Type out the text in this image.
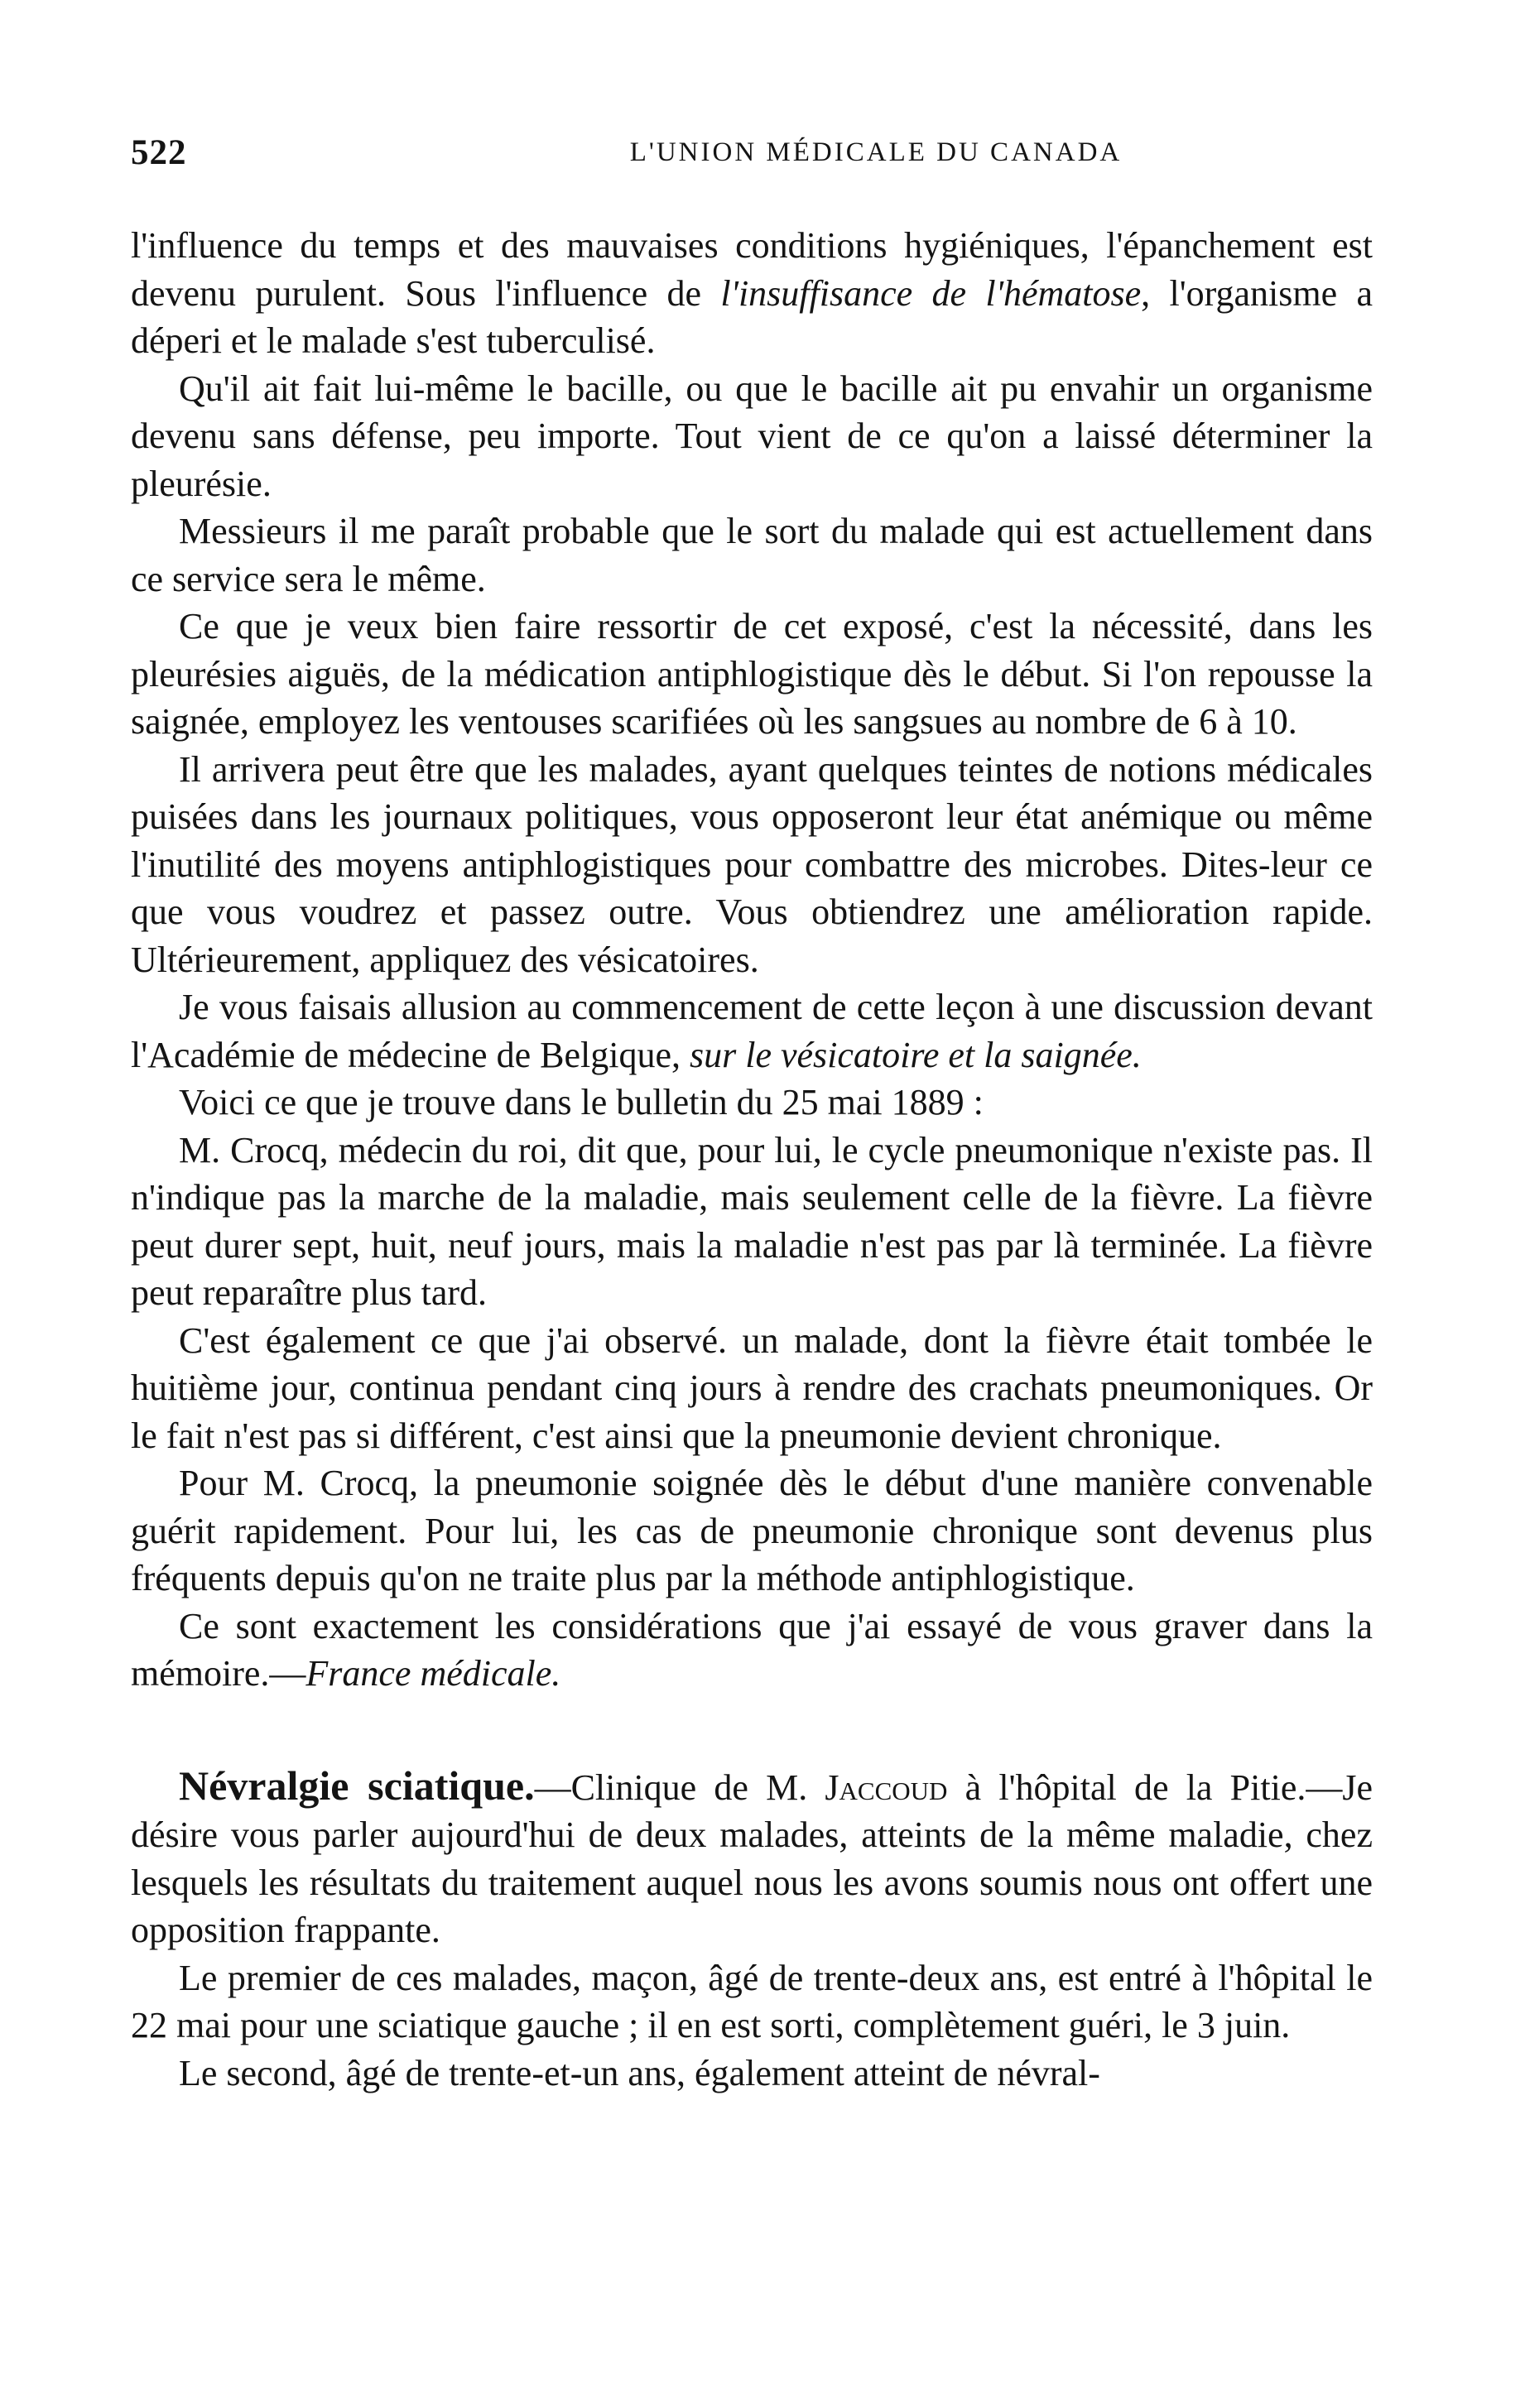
522	L'UNION MÉDICALE DU CANADA

l'influence du temps et des mauvaises conditions hygiéniques, l'épanchement est devenu purulent. Sous l'influence de l'insuffisance de l'hématose, l'organisme a déperi et le malade s'est tuberculisé.

Qu'il ait fait lui-même le bacille, ou que le bacille ait pu envahir un organisme devenu sans défense, peu importe. Tout vient de ce qu'on a laissé déterminer la pleurésie.

Messieurs il me paraît probable que le sort du malade qui est actuellement dans ce service sera le même.

Ce que je veux bien faire ressortir de cet exposé, c'est la nécessité, dans les pleurésies aiguës, de la médication antiphlogistique dès le début. Si l'on repousse la saignée, employez les ventouses scarifiées où les sangsues au nombre de 6 à 10.

Il arrivera peut être que les malades, ayant quelques teintes de notions médicales puisées dans les journaux politiques, vous opposeront leur état anémique ou même l'inutilité des moyens antiphlogistiques pour combattre des microbes. Dites-leur ce que vous voudrez et passez outre. Vous obtiendrez une amélioration rapide. Ultérieurement, appliquez des vésicatoires.

Je vous faisais allusion au commencement de cette leçon à une discussion devant l'Académie de médecine de Belgique, sur le vésicatoire et la saignée.

Voici ce que je trouve dans le bulletin du 25 mai 1889 :

M. Crocq, médecin du roi, dit que, pour lui, le cycle pneumonique n'existe pas. Il n'indique pas la marche de la maladie, mais seulement celle de la fièvre. La fièvre peut durer sept, huit, neuf jours, mais la maladie n'est pas par là terminée. La fièvre peut reparaître plus tard.

C'est également ce que j'ai observé. un malade, dont la fièvre était tombée le huitième jour, continua pendant cinq jours à rendre des crachats pneumoniques. Or le fait n'est pas si différent, c'est ainsi que la pneumonie devient chronique.

Pour M. Crocq, la pneumonie soignée dès le début d'une manière convenable guérit rapidement. Pour lui, les cas de pneumonie chronique sont devenus plus fréquents depuis qu'on ne traite plus par la méthode antiphlogistique.

Ce sont exactement les considérations que j'ai essayé de vous graver dans la mémoire.—France médicale.

Névralgie sciatique.—Clinique de M. Jaccoud à l'hôpital de la Pitie.—Je désire vous parler aujourd'hui de deux malades, atteints de la même maladie, chez lesquels les résultats du traitement auquel nous les avons soumis nous ont offert une opposition frappante.

Le premier de ces malades, maçon, âgé de trente-deux ans, est entré à l'hôpital le 22 mai pour une sciatique gauche ; il en est sorti, complètement guéri, le 3 juin.

Le second, âgé de trente-et-un ans, également atteint de névral-
